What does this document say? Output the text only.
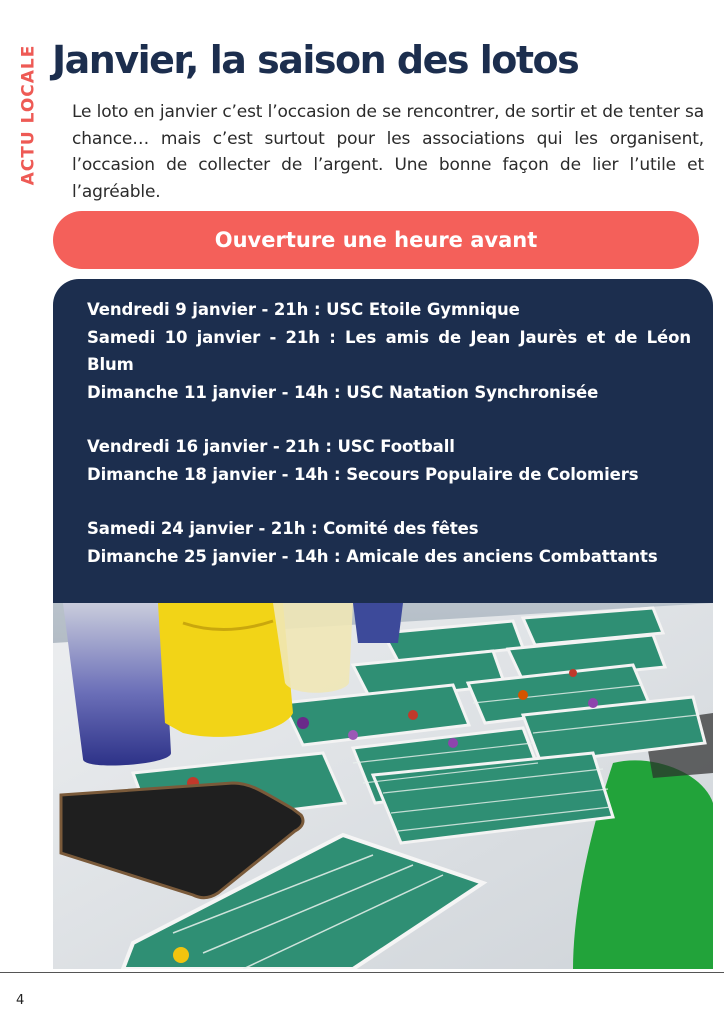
ACTU LOCALE Janvier, la saison des lotos

Le loto en janvier c’est l’occasion de se rencontrer, de sortir et de tenter sa chance… mais c’est surtout pour les associations qui les organisent, l’occasion de collecter de l’argent. Une bonne façon de lier l’utile et l’agréable.

Ouverture une heure avant

Vendredi 9 janvier - 21h : USC Etoile Gymnique

Samedi 10 janvier - 21h : Les amis de Jean Jaurès et de Léon Blum

Dimanche 11 janvier - 14h : USC Natation Synchronisée

Vendredi 16 janvier - 21h : USC Football

Dimanche 18 janvier - 14h : Secours Populaire de Colomiers

Samedi 24 janvier - 21h : Comité des fêtes

Dimanche 25 janvier - 14h : Amicale des anciens Combattants

4
